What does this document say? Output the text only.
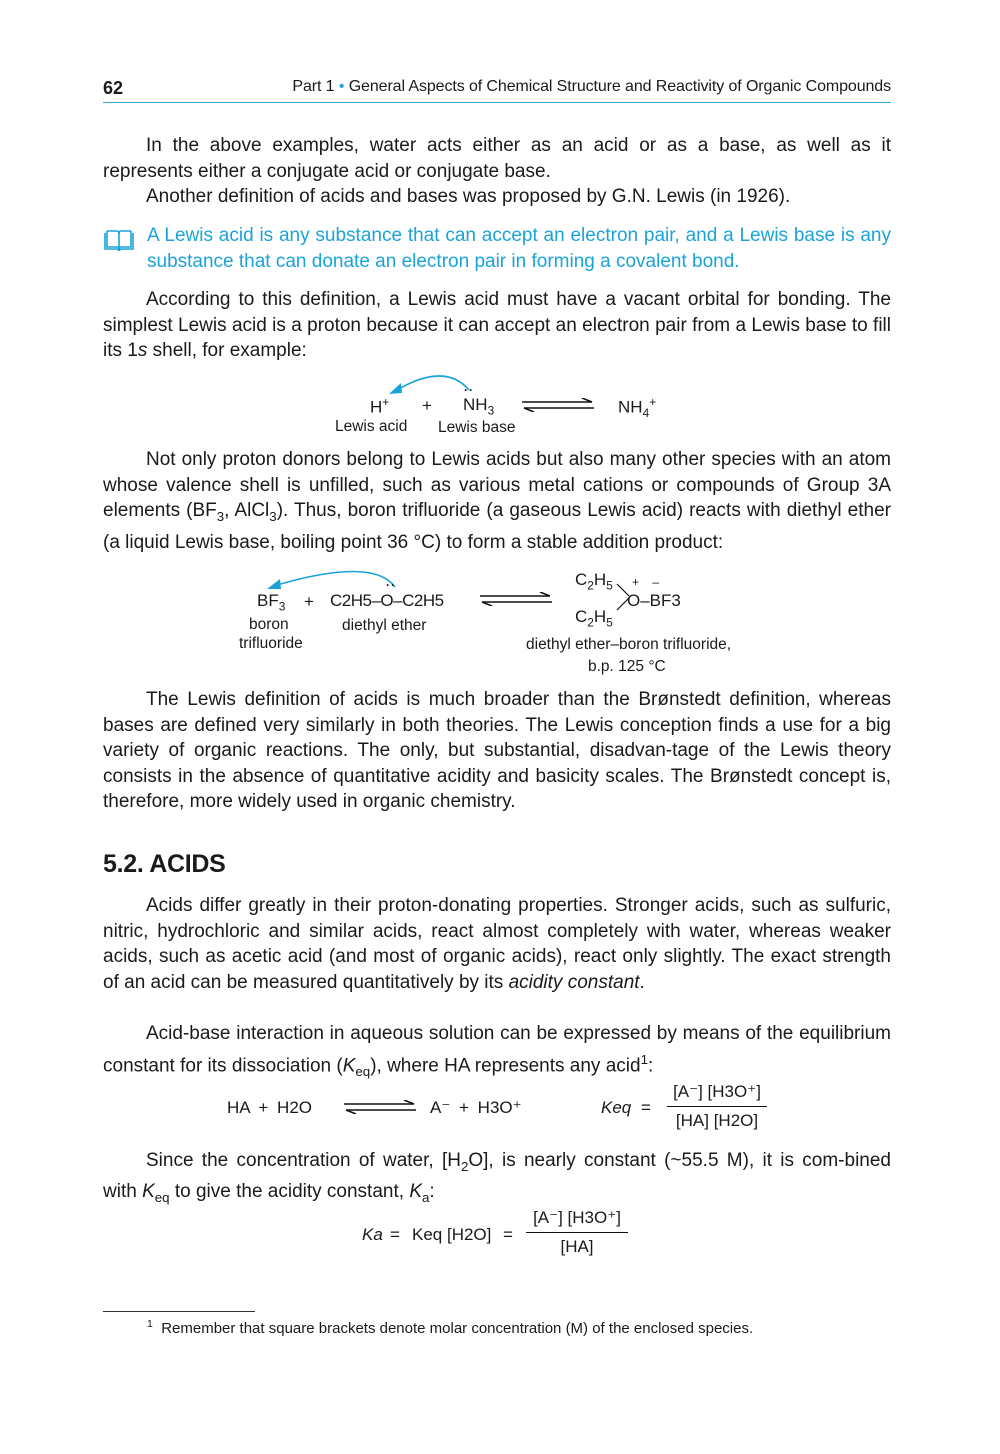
62	Part 1 • General Aspects of Chemical Structure and Reactivity of Organic Compounds

In the above examples, water acts either as an acid or as a base, as well as it represents either a conjugate acid or conjugate base.

Another definition of acids and bases was proposed by G.N. Lewis (in 1926).

A Lewis acid is any substance that can accept an electron pair, and a Lewis base is any substance that can donate an electron pair in forming a covalent bond.

According to this definition, a Lewis acid must have a vacant orbital for bonding. The simplest Lewis acid is a proton because it can accept an electron pair from a Lewis base to fill its 1s shell, for example:

··
$H^+ + NH_3$	$NH_4^+$
Lewis acid Lewis base

Not only proton donors belong to Lewis acids but also many other species with an atom whose valence shell is unfilled, such as various metal cations or compounds of Group 3A elements ($BF_3$, AlCl$_3$). Thus, boron trifluoride (a gaseous Lewis acid) reacts with diethyl ether (a liquid Lewis base, boiling point 36 °C) to form a stable addition product:

··
$BF_3 + C2H5-O-C2H5$
$C_2H_5$
$C_2H_5$
+    –
O–BF3
boron
trifluoride
diethyl ether
diethyl ether–boron trifluoride,
b.p. 125 °C

The Lewis definition of acids is much broader than the Brønstedt definition, whereas bases are defined very similarly in both theories. The Lewis conception finds a use for a big variety of organic reactions. The only, but substantial, disadvan-tage of the Lewis theory consists in the absence of quantitative acidity and basicity scales. The Brønstedt concept is, therefore, more widely used in organic chemistry.

5.2. ACIDS

Acids differ greatly in their proton-donating properties. Stronger acids, such as sulfuric, nitric, hydrochloric and similar acids, react almost completely with water, whereas weaker acids, such as acetic acid (and most of organic acids), react only slightly. The exact strength of an acid can be measured quantitatively by its acidity constant.

Acid-base interaction in aqueous solution can be expressed by means of the equilibrium constant for its dissociation $(K_{eq})$, where HA represents any acid$^1$:

HA + H2O	A⁻ + H3O⁺	Keq =
[A⁻] [H3O⁺]
[HA] [H2O]

Since the concentration of water, $[H_2O]$, is nearly constant (~55.5 M), it is com-bined with $K_{eq}$ to give the acidity constant, $K_a$:

Ka = Keq [H2O] =
[A⁻] [H3O⁺]
[HA]
$^1$ Remember that square brackets denote molar concentration (M) of the enclosed species.
